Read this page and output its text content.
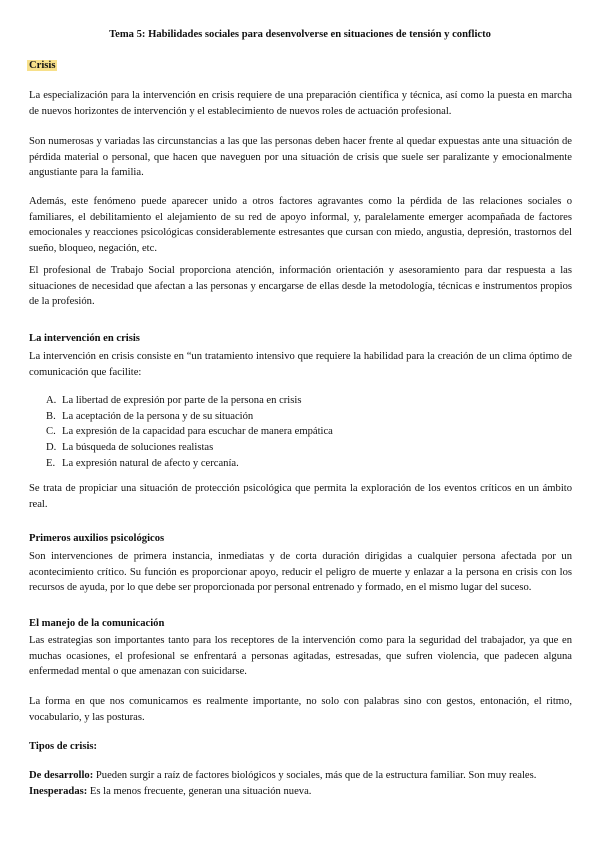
Tema 5: Habilidades sociales para desenvolverse en situaciones de tensión y conflicto
Crisis
La especialización para la intervención en crisis requiere de una preparación científica y técnica, así como la puesta en marcha de nuevos horizontes de intervención y el establecimiento de nuevos roles de actuación profesional.
Son numerosas y variadas las circunstancias a las que las personas deben hacer frente al quedar expuestas ante una situación de pérdida material o personal, que hacen que naveguen por una situación de crisis que suele ser paralizante y emocionalmente angustiante para la familia.
Además, este fenómeno puede aparecer unido a otros factores agravantes como la pérdida de las relaciones sociales o familiares, el debilitamiento el alejamiento de su red de apoyo informal, y, paralelamente emerger acompañada de factores emocionales y reacciones psicológicas considerablemente estresantes que cursan con miedo, angustia, depresión, trastornos del sueño, bloqueo, negación, etc.
El profesional de Trabajo Social proporciona atención, información orientación y asesoramiento para dar respuesta a las situaciones de necesidad que afectan a las personas y encargarse de ellas desde la metodología, técnicas e instrumentos propios de la profesión.
La intervención en crisis
La intervención en crisis consiste en “un tratamiento intensivo que requiere la habilidad para la creación de un clima óptimo de comunicación que facilite:
A. La libertad de expresión por parte de la persona en crisis
B. La aceptación de la persona y de su situación
C. La expresión de la capacidad para escuchar de manera empática
D. La búsqueda de soluciones realistas
E. La expresión natural de afecto y cercanía.
Se trata de propiciar una situación de protección psicológica que permita la exploración de los eventos críticos en un ámbito real.
Primeros auxilios psicológicos
Son intervenciones de primera instancia, inmediatas y de corta duración dirigidas a cualquier persona afectada por un acontecimiento crítico. Su función es proporcionar apoyo, reducir el peligro de muerte y enlazar a la persona en crisis con los recursos de ayuda, por lo que debe ser proporcionada por personal entrenado y formado, en el mismo lugar del suceso.
El manejo de la comunicación
Las estrategias son importantes tanto para los receptores de la intervención como para la seguridad del trabajador, ya que en muchas ocasiones, el profesional se enfrentará a personas agitadas, estresadas, que sufren violencia, que padecen alguna enfermedad mental o que amenazan con suicidarse.
La forma en que nos comunicamos es realmente importante, no solo con palabras sino con gestos, entonación, el ritmo, vocabulario, y las posturas.
Tipos de crisis:
De desarrollo: Pueden surgir a raíz de factores biológicos y sociales, más que de la estructura familiar. Son muy reales.
Inesperadas: Es la menos frecuente, generan una situación nueva.
